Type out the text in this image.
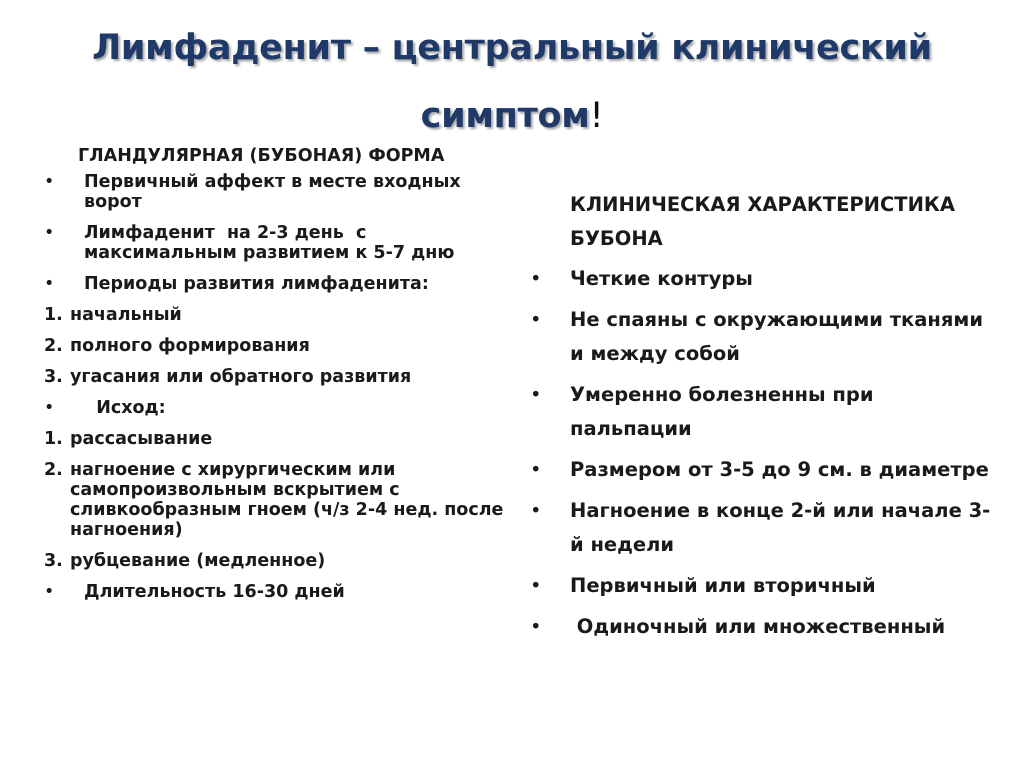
Лимфаденит – центральный клинический
симптом!
ГЛАНДУЛЯРНАЯ (БУБОНАЯ) ФОРМА
• Первичный аффект в месте входных ворот
• Лимфаденит  на 2-3 день  с максимальным развитием к 5-7 дню
• Периоды развития лимфаденита:
1. начальный
2. полного формирования
3. угасания или обратного развития
• Исход:
1. рассасывание
2. нагноение с хирургическим или самопроизвольным вскрытием с сливкообразным гноем (ч/з 2-4 нед. после нагноения)
3. рубцевание (медленное)
• Длительность 16-30 дней
КЛИНИЧЕСКАЯ ХАРАКТЕРИСТИКА БУБОНА
• Четкие контуры
• Не спаяны с окружающими тканями и между собой
• Умеренно болезненны при пальпации
• Размером от 3-5 до 9 см. в диаметре
• Нагноение в конце 2-й или начале 3-й недели
• Первичный или вторичный
• Одиночный или множественный
